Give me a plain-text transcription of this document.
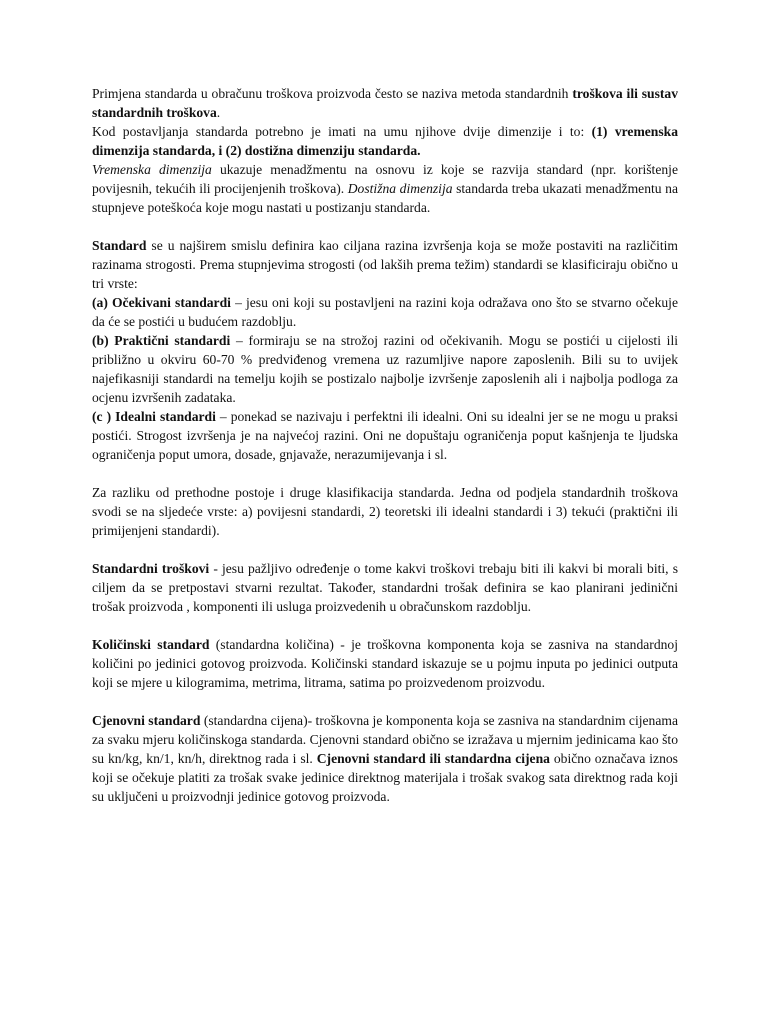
Primjena standarda u obračunu troškova proizvoda često se naziva metoda standardnih troškova ili sustav standardnih troškova.

Kod postavljanja standarda potrebno je imati na umu njihove dvije dimenzije i to: (1) vremenska dimenzija standarda, i (2) dostižna dimenziju standarda.

Vremenska dimenzija ukazuje menadžmentu na osnovu iz koje se razvija standard (npr. korištenje povijesnih, tekućih ili procijenjenih troškova). Dostižna dimenzija standarda treba ukazati menadžmentu na stupnjeve poteškoća koje mogu nastati u postizanju standarda.

Standard se u najširem smislu definira kao ciljana razina izvršenja koja se može postaviti na različitim razinama strogosti. Prema stupnjevima strogosti (od lakših prema težim) standardi se klasificiraju obično u tri vrste:

(a) Očekivani standardi – jesu oni koji su postavljeni na razini koja odražava ono što se stvarno očekuje da će se postići u budućem razdoblju.

(b) Praktični standardi – formiraju se na strožoj razini od očekivanih. Mogu se postići u cijelosti ili približno u okviru 60-70 % predviđenog vremena uz razumljive napore zaposlenih. Bili su to uvijek najefikasniji standardi na temelju kojih se postizalo najbolje izvršenje zaposlenih ali i najbolja podloga za ocjenu izvršenih zadataka.

(c ) Idealni standardi – ponekad se nazivaju i perfektni ili idealni. Oni su idealni jer se ne mogu u praksi postići. Strogost izvršenja je na najvećoj razini. Oni ne dopuštaju ograničenja poput kašnjenja te ljudska ograničenja poput umora, dosade, gnjavaže, nerazumijevanja i sl.

Za razliku od prethodne postoje i druge klasifikacija standarda. Jedna od podjela standardnih troškova svodi se na sljedeće vrste: a) povijesni standardi, 2) teoretski ili idealni standardi i 3) tekući (praktični ili primijenjeni standardi).

Standardni troškovi - jesu pažljivo određenje o tome kakvi troškovi trebaju biti ili kakvi bi morali biti, s ciljem da se pretpostavi stvarni rezultat. Također, standardni trošak definira se kao planirani jedinični trošak proizvoda , komponenti ili usluga proizvedenih u obračunskom razdoblju.

Količinski standard (standardna količina) - je troškovna komponenta koja se zasniva na standardnoj količini po jedinici gotovog proizvoda. Količinski standard iskazuje se u pojmu inputa po jedinici outputa koji se mjere u kilogramima, metrima, litrama, satima po proizvedenom proizvodu.

Cjenovni standard (standardna cijena)- troškovna je komponenta koja se zasniva na standardnim cijenama za svaku mjeru količinskoga standarda. Cjenovni standard obično se izražava u mjernim jedinicama kao što su kn/kg, kn/1, kn/h, direktnog rada i sl. Cjenovni standard ili standardna cijena obično označava iznos koji se očekuje platiti za trošak svake jedinice direktnog materijala i trošak svakog sata direktnog rada koji su uključeni u proizvodnji jedinice gotovog proizvoda.
